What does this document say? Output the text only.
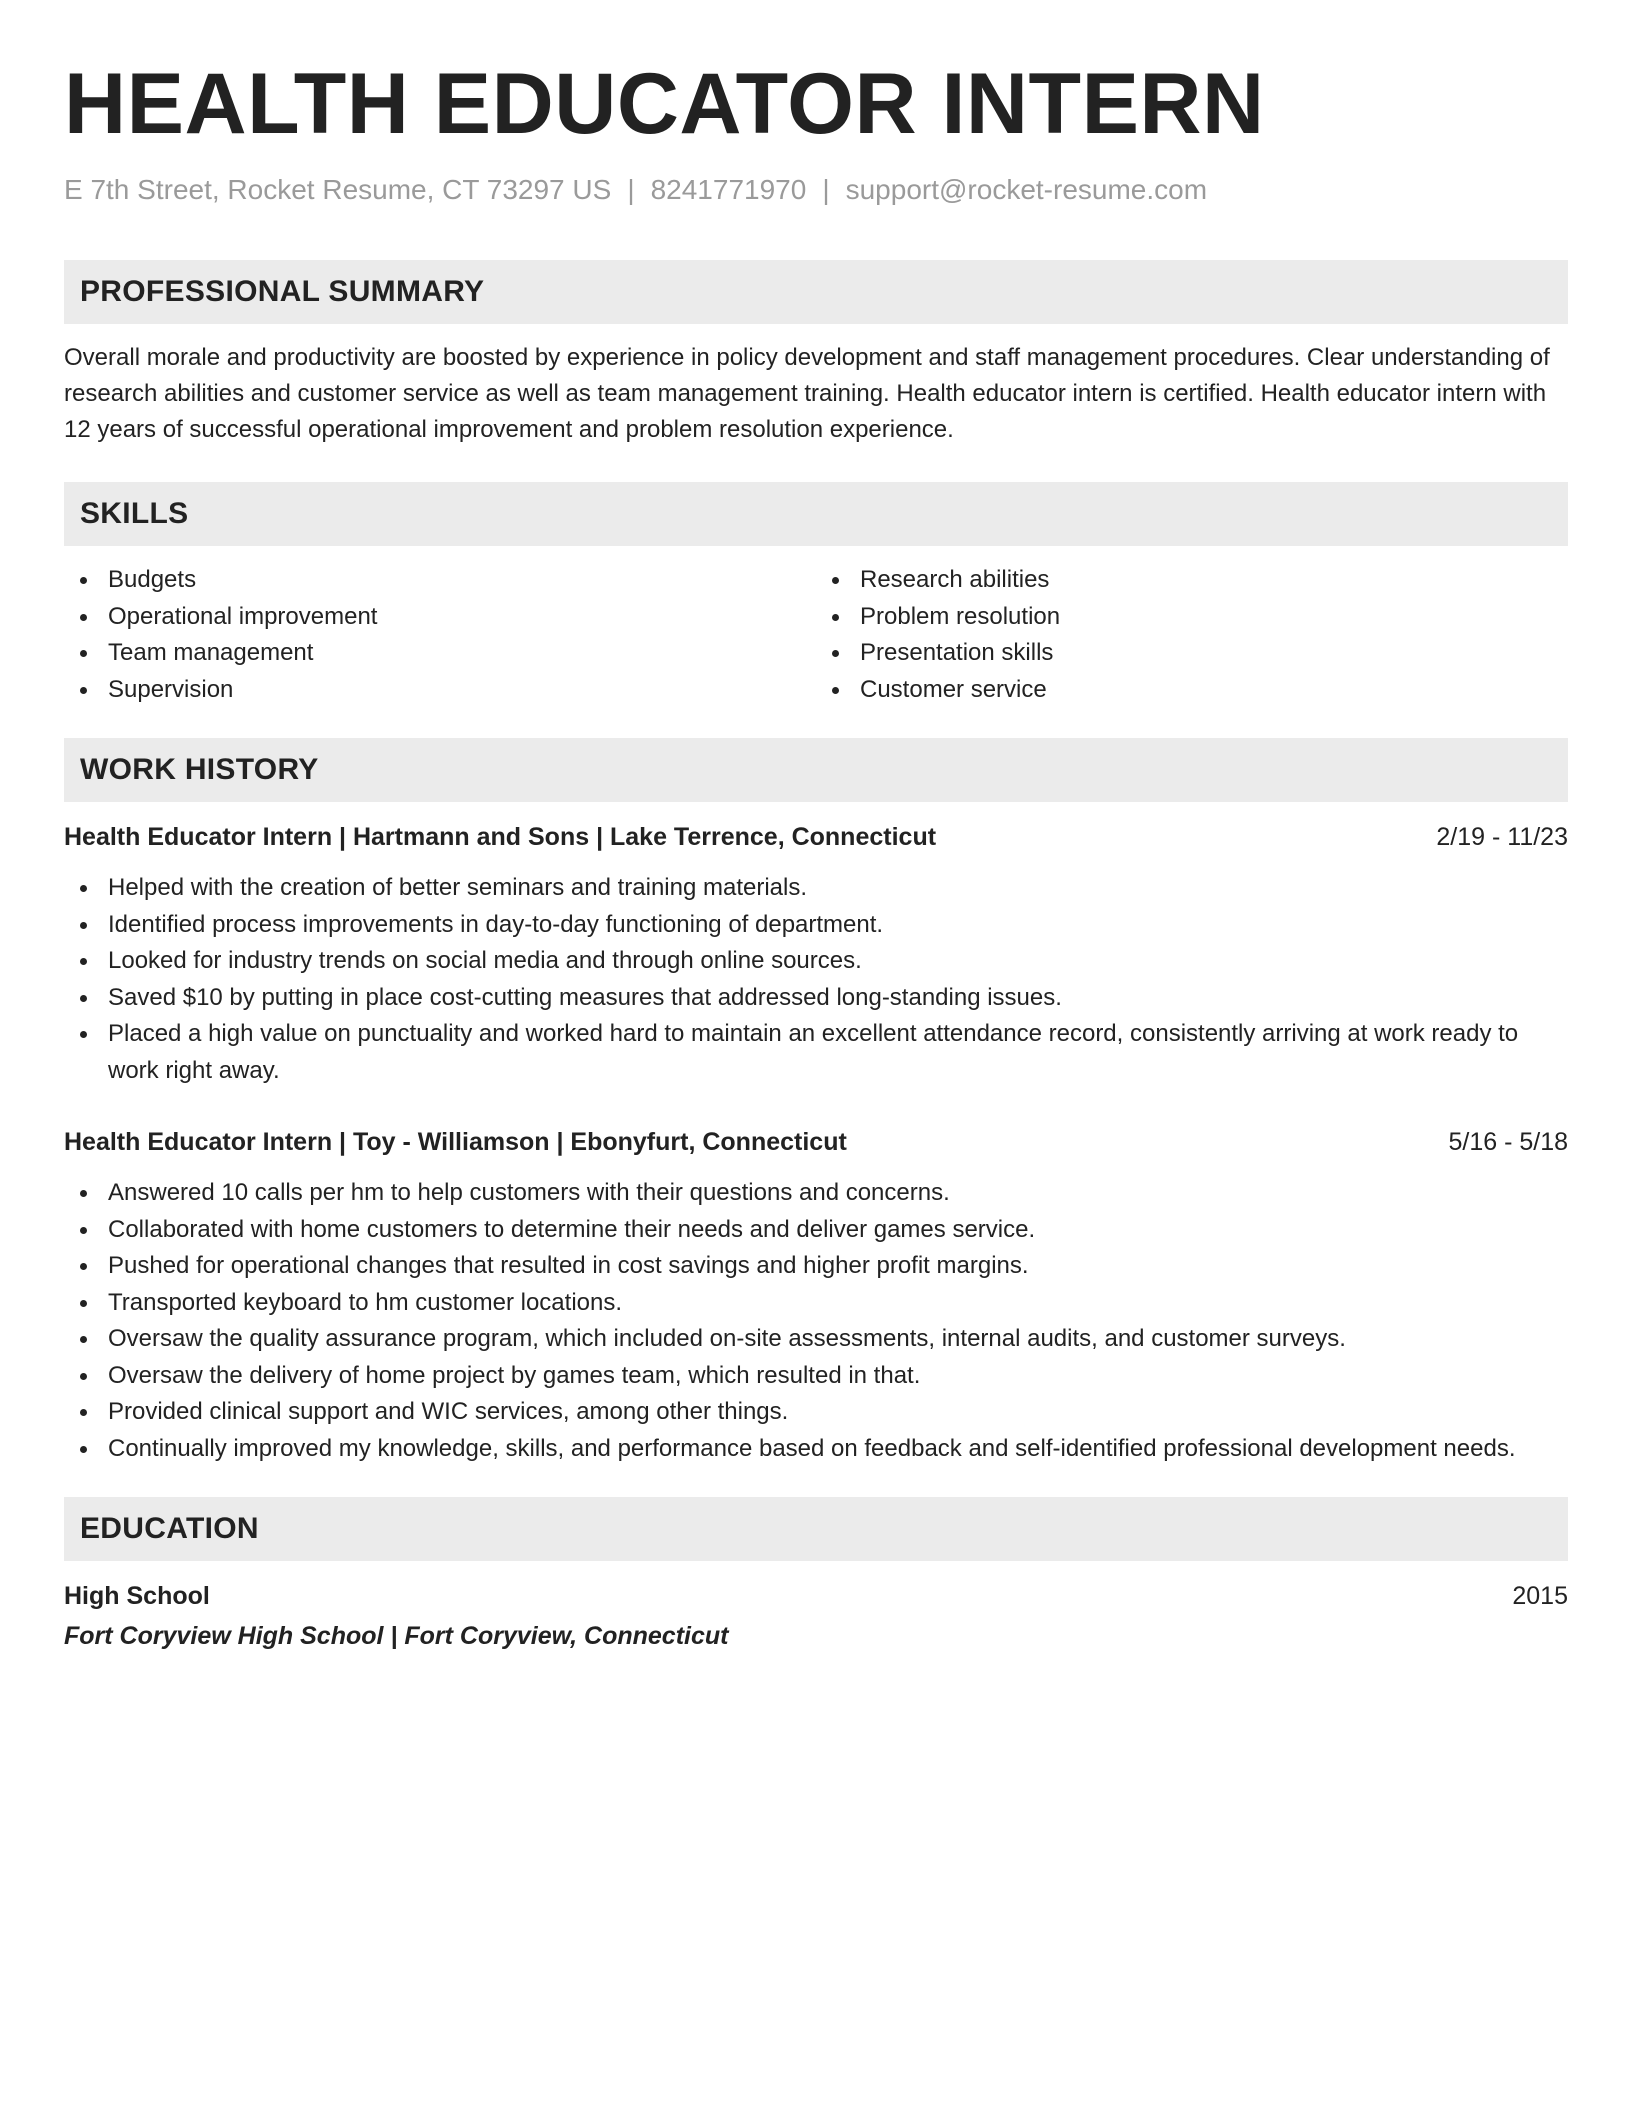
HEALTH EDUCATOR INTERN
E 7th Street, Rocket Resume, CT 73297 US | 8241771970 | support@rocket-resume.com
PROFESSIONAL SUMMARY

Overall morale and productivity are boosted by experience in policy development and staff management procedures. Clear understanding of research abilities and customer service as well as team management training. Health educator intern is certified. Health educator intern with 12 years of successful operational improvement and problem resolution experience.

SKILLS
Budgets
Operational improvement
Team management
Supervision
Research abilities
Problem resolution
Presentation skills
Customer service
WORK HISTORY
Health Educator Intern | Hartmann and Sons | Lake Terrence, Connecticut	2/19 - 11/23
Helped with the creation of better seminars and training materials.
Identified process improvements in day-to-day functioning of department.
Looked for industry trends on social media and through online sources.
Saved $10 by putting in place cost-cutting measures that addressed long-standing issues.
Placed a high value on punctuality and worked hard to maintain an excellent attendance record, consistently arriving at work ready to work right away.
Health Educator Intern | Toy - Williamson | Ebonyfurt, Connecticut	5/16 - 5/18
Answered 10 calls per hm to help customers with their questions and concerns.
Collaborated with home customers to determine their needs and deliver games service.
Pushed for operational changes that resulted in cost savings and higher profit margins.
Transported keyboard to hm customer locations.
Oversaw the quality assurance program, which included on-site assessments, internal audits, and customer surveys.
Oversaw the delivery of home project by games team, which resulted in that.
Provided clinical support and WIC services, among other things.
Continually improved my knowledge, skills, and performance based on feedback and self-identified professional development needs.
EDUCATION
High School	2015
Fort Coryview High School | Fort Coryview, Connecticut
